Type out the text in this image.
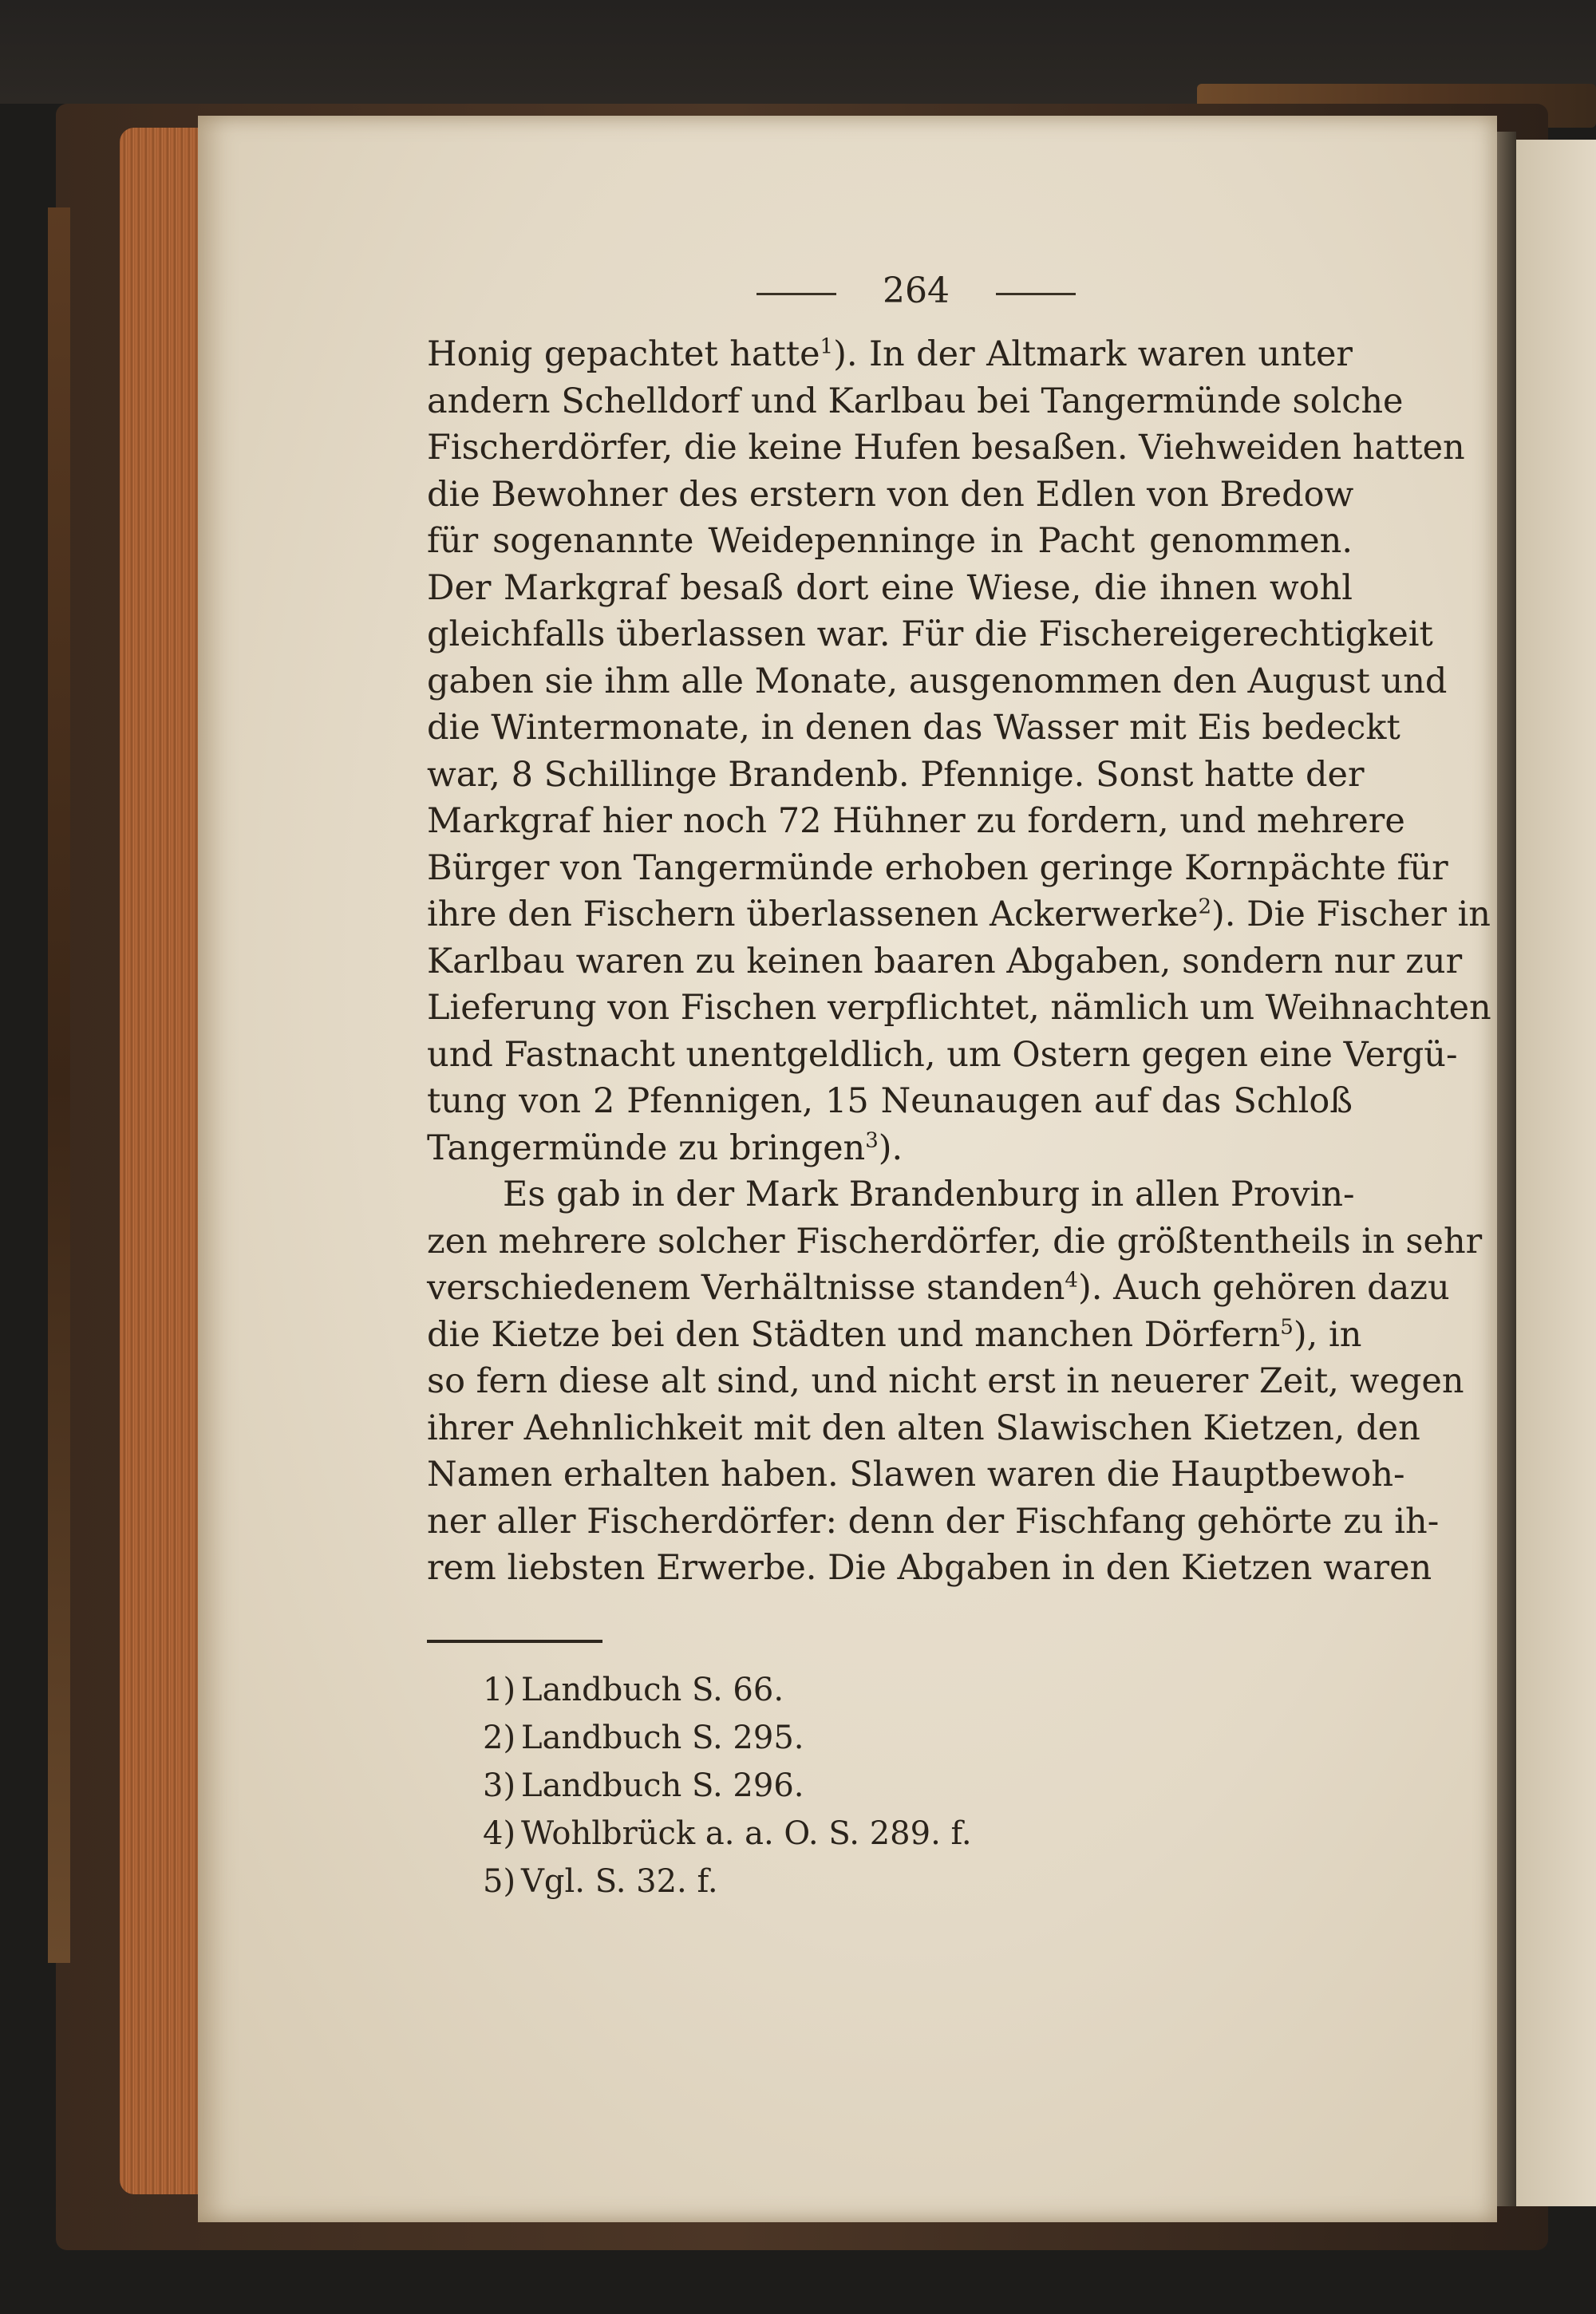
264
Honig gepachtet hatte$^1$). In der Altmark waren unter
andern Schelldorf und Karlbau bei Tangermünde solche
Fischerdörfer, die keine Hufen besaßen. Viehweiden hatten
die Bewohner des erstern von den Edlen von Bredow
für sogenannte Weidepenninge in Pacht genommen.
Der Markgraf besaß dort eine Wiese, die ihnen wohl
gleichfalls überlassen war. Für die Fischereigerechtigkeit
gaben sie ihm alle Monate, ausgenommen den August und
die Wintermonate, in denen das Wasser mit Eis bedeckt
war, 8 Schillinge Brandenb. Pfennige. Sonst hatte der
Markgraf hier noch 72 Hühner zu fordern, und mehrere
Bürger von Tangermünde erhoben geringe Kornpächte für
ihre den Fischern überlassenen Ackerwerke$^2$). Die Fischer in
Karlbau waren zu keinen baaren Abgaben, sondern nur zur
Lieferung von Fischen verpflichtet, nämlich um Weihnachten
und Fastnacht unentgeldlich, um Ostern gegen eine Vergü-
tung von 2 Pfennigen, 15 Neunaugen auf das Schloß
Tangermünde zu bringen$^3$).
Es gab in der Mark Brandenburg in allen Provin-
zen mehrere solcher Fischerdörfer, die größtentheils in sehr
verschiedenem Verhältnisse standen$^4$). Auch gehören dazu
die Kietze bei den Städten und manchen Dörfern$^5$), in
so fern diese alt sind, und nicht erst in neuerer Zeit, wegen
ihrer Aehnlichkeit mit den alten Slawischen Kietzen, den
Namen erhalten haben. Slawen waren die Hauptbewoh-
ner aller Fischerdörfer: denn der Fischfang gehörte zu ih-
rem liebsten Erwerbe. Die Abgaben in den Kietzen waren
1) Landbuch S. 66.
2) Landbuch S. 295.
3) Landbuch S. 296.
4) Wohlbrück a. a. O. S. 289. f.
5) Vgl. S. 32. f.
